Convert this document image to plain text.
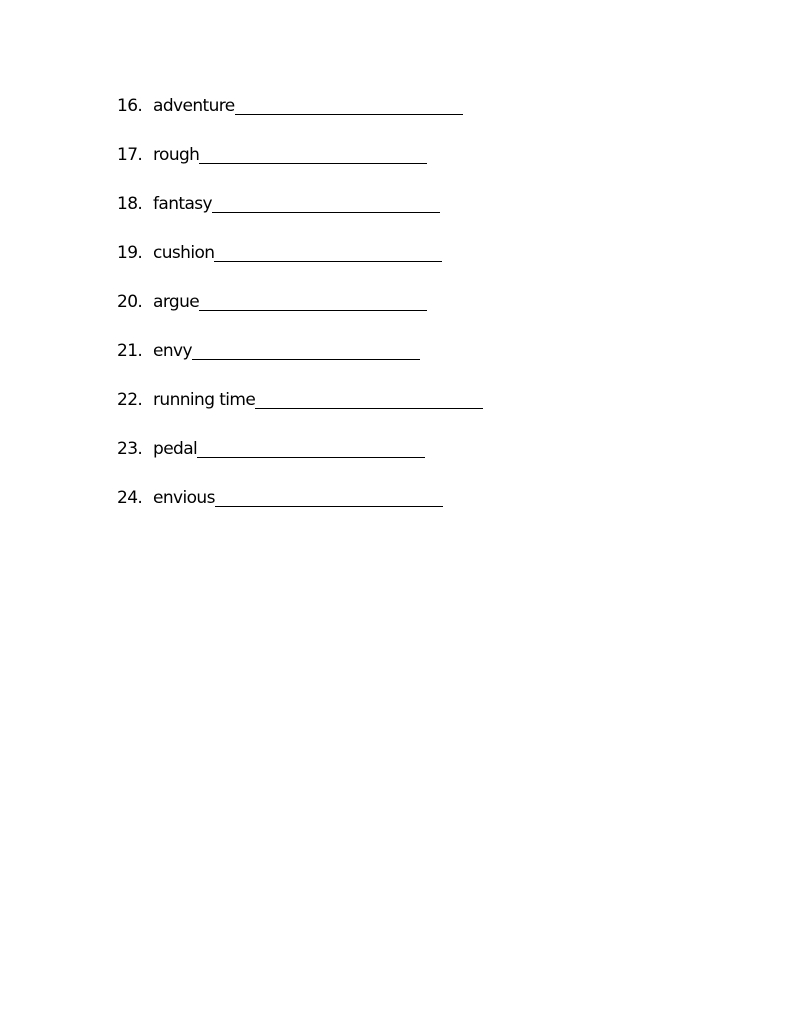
16. adventure
17. rough
18. fantasy
19. cushion
20. argue
21. envy
22. running time
23. pedal
24. envious
